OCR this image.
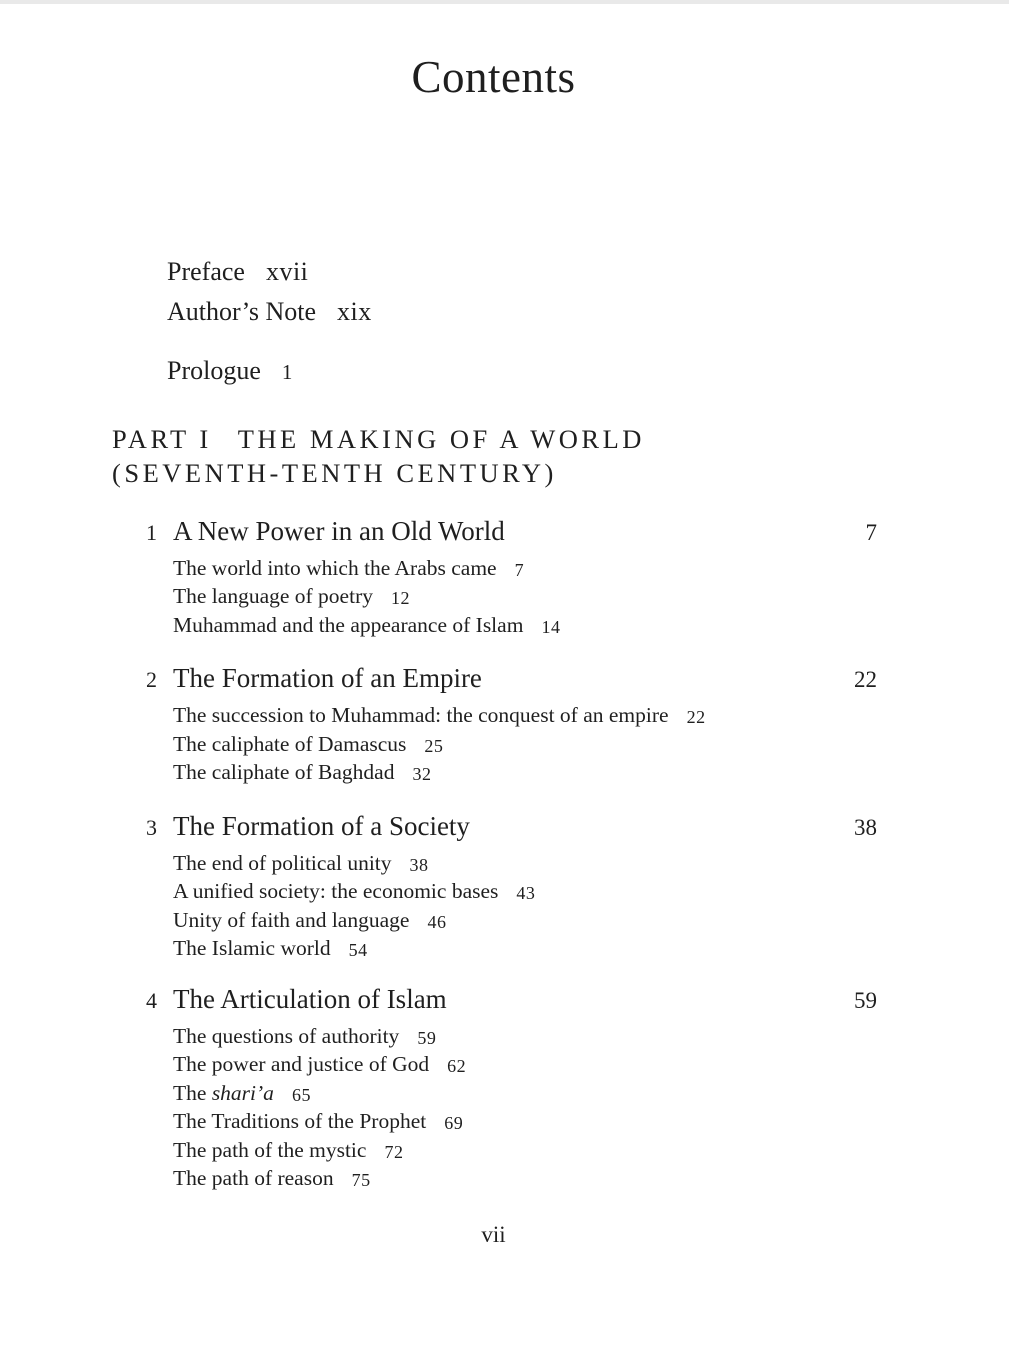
Contents
Preface xvii
Author’s Note xix
Prologue 1
PART I THE MAKING OF A WORLD
(SEVENTH-TENTH CENTURY)
1 A New Power in an Old World	7
The world into which the Arabs came 7
The language of poetry 12
Muhammad and the appearance of Islam 14
2 The Formation of an Empire	22
The succession to Muhammad: the conquest of an empire 22
The caliphate of Damascus 25
The caliphate of Baghdad 32
3 The Formation of a Society	38
The end of political unity 38
A unified society: the economic bases 43
Unity of faith and language 46
The Islamic world 54
4 The Articulation of Islam	59
The questions of authority 59
The power and justice of God 62
The shari’a 65
The Traditions of the Prophet 69
The path of the mystic 72
The path of reason 75
vii
